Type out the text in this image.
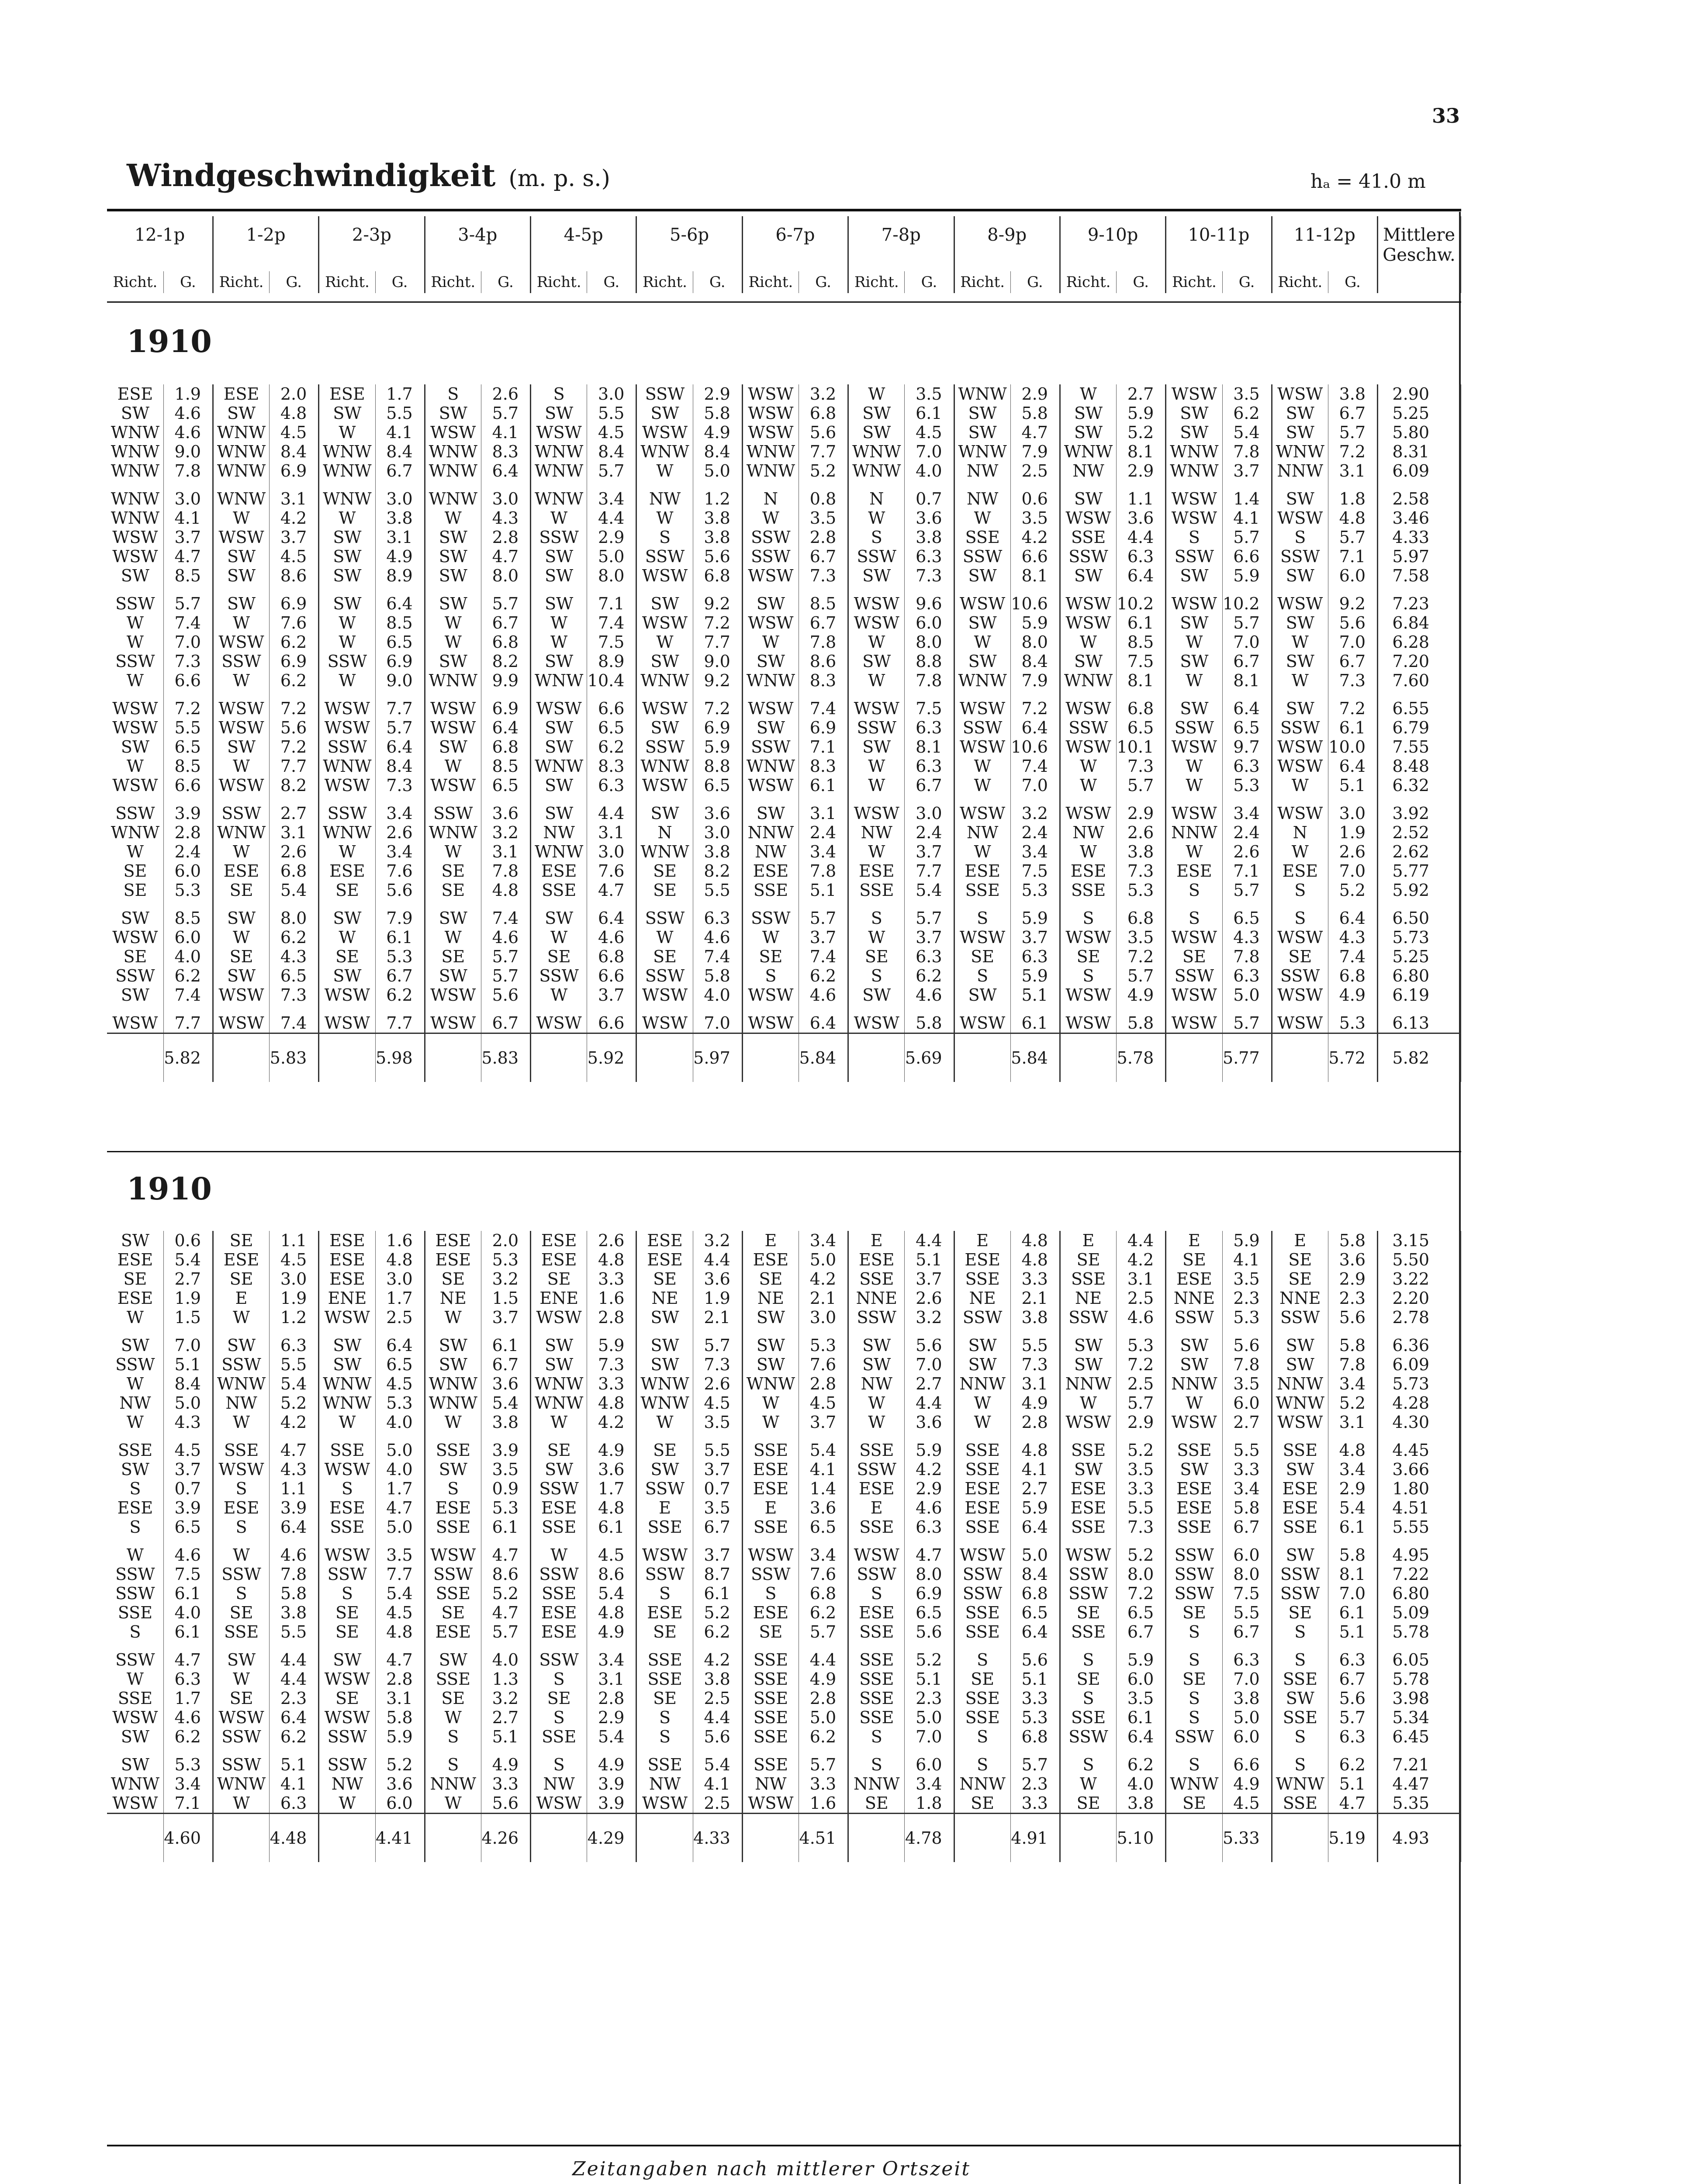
33
Windgeschwindigkeit (m. p. s.)	hₐ = 41.0 m
12-1p		1-2p		2-3p		3-4p		4-5p		5-6p		6-7p		7-8p		8-9p		9-10p		10-11p		11-12p		Mittlere Geschw.
Richt.	G.	Richt.	G.	Richt.	G.	Richt.	G.	Richt.	G.	Richt.	G.	Richt.	G.	Richt.	G.	Richt.	G.	Richt.	G.	Richt.	G.	Richt.	G.	
1910
ESE	1.9	ESE	2.0	ESE	1.7	S	2.6	S	3.0	SSW	2.9	WSW	3.2	W	3.5	WNW	2.9	W	2.7	WSW	3.5	WSW	3.8	2.90
SW	4.6	SW	4.8	SW	5.5	SW	5.7	SW	5.5	SW	5.8	WSW	6.8	SW	6.1	SW	5.8	SW	5.9	SW	6.2	SW	6.7	5.25
WNW	4.6	WNW	4.5	W	4.1	WSW	4.1	WSW	4.5	WSW	4.9	WSW	5.6	SW	4.5	SW	4.7	SW	5.2	SW	5.4	SW	5.7	5.80
WNW	9.0	WNW	8.4	WNW	8.4	WNW	8.3	WNW	8.4	WNW	8.4	WNW	7.7	WNW	7.0	WNW	7.9	WNW	8.1	WNW	7.8	WNW	7.2	8.31
WNW	7.8	WNW	6.9	WNW	6.7	WNW	6.4	WNW	5.7	W	5.0	WNW	5.2	WNW	4.0	NW	2.5	NW	2.9	WNW	3.7	NNW	3.1	6.09

WNW	3.0	WNW	3.1	WNW	3.0	WNW	3.0	WNW	3.4	NW	1.2	N	0.8	N	0.7	NW	0.6	SW	1.1	WSW	1.4	SW	1.8	2.58
WNW	4.1	W	4.2	W	3.8	W	4.3	W	4.4	W	3.8	W	3.5	W	3.6	W	3.5	WSW	3.6	WSW	4.1	WSW	4.8	3.46
WSW	3.7	WSW	3.7	SW	3.1	SW	2.8	SSW	2.9	S	3.8	SSW	2.8	S	3.8	SSE	4.2	SSE	4.4	S	5.7	S	5.7	4.33
WSW	4.7	SW	4.5	SW	4.9	SW	4.7	SW	5.0	SSW	5.6	SSW	6.7	SSW	6.3	SSW	6.6	SSW	6.3	SSW	6.6	SSW	7.1	5.97
SW	8.5	SW	8.6	SW	8.9	SW	8.0	SW	8.0	WSW	6.8	WSW	7.3	SW	7.3	SW	8.1	SW	6.4	SW	5.9	SW	6.0	7.58

SSW	5.7	SW	6.9	SW	6.4	SW	5.7	SW	7.1	SW	9.2	SW	8.5	WSW	9.6	WSW	10.6	WSW	10.2	WSW	10.2	WSW	9.2	7.23
W	7.4	W	7.6	W	8.5	W	6.7	W	7.4	WSW	7.2	WSW	6.7	WSW	6.0	SW	5.9	WSW	6.1	SW	5.7	SW	5.6	6.84
W	7.0	WSW	6.2	W	6.5	W	6.8	W	7.5	W	7.7	W	7.8	W	8.0	W	8.0	W	8.5	W	7.0	W	7.0	6.28
SSW	7.3	SSW	6.9	SSW	6.9	SW	8.2	SW	8.9	SW	9.0	SW	8.6	SW	8.8	SW	8.4	SW	7.5	SW	6.7	SW	6.7	7.20
W	6.6	W	6.2	W	9.0	WNW	9.9	WNW	10.4	WNW	9.2	WNW	8.3	W	7.8	WNW	7.9	WNW	8.1	W	8.1	W	7.3	7.60

WSW	7.2	WSW	7.2	WSW	7.7	WSW	6.9	WSW	6.6	WSW	7.2	WSW	7.4	WSW	7.5	WSW	7.2	WSW	6.8	SW	6.4	SW	7.2	6.55
WSW	5.5	WSW	5.6	WSW	5.7	WSW	6.4	SW	6.5	SW	6.9	SW	6.9	SSW	6.3	SSW	6.4	SSW	6.5	SSW	6.5	SSW	6.1	6.79
SW	6.5	SW	7.2	SSW	6.4	SW	6.8	SW	6.2	SSW	5.9	SSW	7.1	SW	8.1	WSW	10.6	WSW	10.1	WSW	9.7	WSW	10.0	7.55
W	8.5	W	7.7	WNW	8.4	W	8.5	WNW	8.3	WNW	8.8	WNW	8.3	W	6.3	W	7.4	W	7.3	W	6.3	WSW	6.4	8.48
WSW	6.6	WSW	8.2	WSW	7.3	WSW	6.5	SW	6.3	WSW	6.5	WSW	6.1	W	6.7	W	7.0	W	5.7	W	5.3	W	5.1	6.32

SSW	3.9	SSW	2.7	SSW	3.4	SSW	3.6	SW	4.4	SW	3.6	SW	3.1	WSW	3.0	WSW	3.2	WSW	2.9	WSW	3.4	WSW	3.0	3.92
WNW	2.8	WNW	3.1	WNW	2.6	WNW	3.2	NW	3.1	N	3.0	NNW	2.4	NW	2.4	NW	2.4	NW	2.6	NNW	2.4	N	1.9	2.52
W	2.4	W	2.6	W	3.4	W	3.1	WNW	3.0	WNW	3.8	NW	3.4	W	3.7	W	3.4	W	3.8	W	2.6	W	2.6	2.62
SE	6.0	ESE	6.8	ESE	7.6	SE	7.8	ESE	7.6	SE	8.2	ESE	7.8	ESE	7.7	ESE	7.5	ESE	7.3	ESE	7.1	ESE	7.0	5.77
SE	5.3	SE	5.4	SE	5.6	SE	4.8	SSE	4.7	SE	5.5	SSE	5.1	SSE	5.4	SSE	5.3	SSE	5.3	S	5.7	S	5.2	5.92

SW	8.5	SW	8.0	SW	7.9	SW	7.4	SW	6.4	SSW	6.3	SSW	5.7	S	5.7	S	5.9	S	6.8	S	6.5	S	6.4	6.50
WSW	6.0	W	6.2	W	6.1	W	4.6	W	4.6	W	4.6	W	3.7	W	3.7	WSW	3.7	WSW	3.5	WSW	4.3	WSW	4.3	5.73
SE	4.0	SE	4.3	SE	5.3	SE	5.7	SE	6.8	SE	7.4	SE	7.4	SE	6.3	SE	6.3	SE	7.2	SE	7.8	SE	7.4	5.25
SSW	6.2	SW	6.5	SW	6.7	SW	5.7	SSW	6.6	SSW	5.8	S	6.2	S	6.2	S	5.9	S	5.7	SSW	6.3	SSW	6.8	6.80
SW	7.4	WSW	7.3	WSW	6.2	WSW	5.6	W	3.7	WSW	4.0	WSW	4.6	SW	4.6	SW	5.1	WSW	4.9	WSW	5.0	WSW	4.9	6.19

WSW	7.7	WSW	7.4	WSW	7.7	WSW	6.7	WSW	6.6	WSW	7.0	WSW	6.4	WSW	5.8	WSW	6.1	WSW	5.8	WSW	5.7	WSW	5.3	6.13
	5.82		5.83		5.98		5.83		5.92		5.97		5.84		5.69		5.84		5.78		5.77		5.72	5.82
1910
SW	0.6	SE	1.1	ESE	1.6	ESE	2.0	ESE	2.6	ESE	3.2	E	3.4	E	4.4	E	4.8	E	4.4	E	5.9	E	5.8	3.15
ESE	5.4	ESE	4.5	ESE	4.8	ESE	5.3	ESE	4.8	ESE	4.4	ESE	5.0	ESE	5.1	ESE	4.8	SE	4.2	SE	4.1	SE	3.6	5.50
SE	2.7	SE	3.0	ESE	3.0	SE	3.2	SE	3.3	SE	3.6	SE	4.2	SSE	3.7	SSE	3.3	SSE	3.1	ESE	3.5	SE	2.9	3.22
ESE	1.9	E	1.9	ENE	1.7	NE	1.5	ENE	1.6	NE	1.9	NE	2.1	NNE	2.6	NE	2.1	NE	2.5	NNE	2.3	NNE	2.3	2.20
W	1.5	W	1.2	WSW	2.5	W	3.7	WSW	2.8	SW	2.1	SW	3.0	SSW	3.2	SSW	3.8	SSW	4.6	SSW	5.3	SSW	5.6	2.78

SW	7.0	SW	6.3	SW	6.4	SW	6.1	SW	5.9	SW	5.7	SW	5.3	SW	5.6	SW	5.5	SW	5.3	SW	5.6	SW	5.8	6.36
SSW	5.1	SSW	5.5	SW	6.5	SW	6.7	SW	7.3	SW	7.3	SW	7.6	SW	7.0	SW	7.3	SW	7.2	SW	7.8	SW	7.8	6.09
W	8.4	WNW	5.4	WNW	4.5	WNW	3.6	WNW	3.3	WNW	2.6	WNW	2.8	NW	2.7	NNW	3.1	NNW	2.5	NNW	3.5	NNW	3.4	5.73
NW	5.0	NW	5.2	WNW	5.3	WNW	5.4	WNW	4.8	WNW	4.5	W	4.5	W	4.4	W	4.9	W	5.7	W	6.0	WNW	5.2	4.28
W	4.3	W	4.2	W	4.0	W	3.8	W	4.2	W	3.5	W	3.7	W	3.6	W	2.8	WSW	2.9	WSW	2.7	WSW	3.1	4.30

SSE	4.5	SSE	4.7	SSE	5.0	SSE	3.9	SE	4.9	SE	5.5	SSE	5.4	SSE	5.9	SSE	4.8	SSE	5.2	SSE	5.5	SSE	4.8	4.45
SW	3.7	WSW	4.3	WSW	4.0	SW	3.5	SW	3.6	SW	3.7	ESE	4.1	SSW	4.2	SSE	4.1	SW	3.5	SW	3.3	SW	3.4	3.66
S	0.7	S	1.1	S	1.7	S	0.9	SSW	1.7	SSW	0.7	ESE	1.4	ESE	2.9	ESE	2.7	ESE	3.3	ESE	3.4	ESE	2.9	1.80
ESE	3.9	ESE	3.9	ESE	4.7	ESE	5.3	ESE	4.8	E	3.5	E	3.6	E	4.6	ESE	5.9	ESE	5.5	ESE	5.8	ESE	5.4	4.51
S	6.5	S	6.4	SSE	5.0	SSE	6.1	SSE	6.1	SSE	6.7	SSE	6.5	SSE	6.3	SSE	6.4	SSE	7.3	SSE	6.7	SSE	6.1	5.55

W	4.6	W	4.6	WSW	3.5	WSW	4.7	W	4.5	WSW	3.7	WSW	3.4	WSW	4.7	WSW	5.0	WSW	5.2	SSW	6.0	SW	5.8	4.95
SSW	7.5	SSW	7.8	SSW	7.7	SSW	8.6	SSW	8.6	SSW	8.7	SSW	7.6	SSW	8.0	SSW	8.4	SSW	8.0	SSW	8.0	SSW	8.1	7.22
SSW	6.1	S	5.8	S	5.4	SSE	5.2	SSE	5.4	S	6.1	S	6.8	S	6.9	SSW	6.8	SSW	7.2	SSW	7.5	SSW	7.0	6.80
SSE	4.0	SE	3.8	SE	4.5	SE	4.7	ESE	4.8	ESE	5.2	ESE	6.2	ESE	6.5	SSE	6.5	SE	6.5	SE	5.5	SE	6.1	5.09
S	6.1	SSE	5.5	SE	4.8	ESE	5.7	ESE	4.9	SE	6.2	SE	5.7	SSE	5.6	SSE	6.4	SSE	6.7	S	6.7	S	5.1	5.78

SSW	4.7	SW	4.4	SW	4.7	SW	4.0	SSW	3.4	SSE	4.2	SSE	4.4	SSE	5.2	S	5.6	S	5.9	S	6.3	S	6.3	6.05
W	6.3	W	4.4	WSW	2.8	SSE	1.3	S	3.1	SSE	3.8	SSE	4.9	SSE	5.1	SE	5.1	SE	6.0	SE	7.0	SSE	6.7	5.78
SSE	1.7	SE	2.3	SE	3.1	SE	3.2	SE	2.8	SE	2.5	SSE	2.8	SSE	2.3	SSE	3.3	S	3.5	S	3.8	SW	5.6	3.98
WSW	4.6	WSW	6.4	WSW	5.8	W	2.7	S	2.9	S	4.4	SSE	5.0	SSE	5.0	SSE	5.3	SSE	6.1	S	5.0	SSE	5.7	5.34
SW	6.2	SSW	6.2	SSW	5.9	S	5.1	SSE	5.4	S	5.6	SSE	6.2	S	7.0	S	6.8	SSW	6.4	SSW	6.0	S	6.3	6.45

SW	5.3	SSW	5.1	SSW	5.2	S	4.9	S	4.9	SSE	5.4	SSE	5.7	S	6.0	S	5.7	S	6.2	S	6.6	S	6.2	7.21
WNW	3.4	WNW	4.1	NW	3.6	NNW	3.3	NW	3.9	NW	4.1	NW	3.3	NNW	3.4	NNW	2.3	W	4.0	WNW	4.9	WNW	5.1	4.47
WSW	7.1	W	6.3	W	6.0	W	5.6	WSW	3.9	WSW	2.5	WSW	1.6	SE	1.8	SE	3.3	SE	3.8	SE	4.5	SSE	4.7	5.35
	4.60		4.48		4.41		4.26		4.29		4.33		4.51		4.78		4.91		5.10		5.33		5.19	4.93
Zeitangaben nach mittlerer Ortszeit
